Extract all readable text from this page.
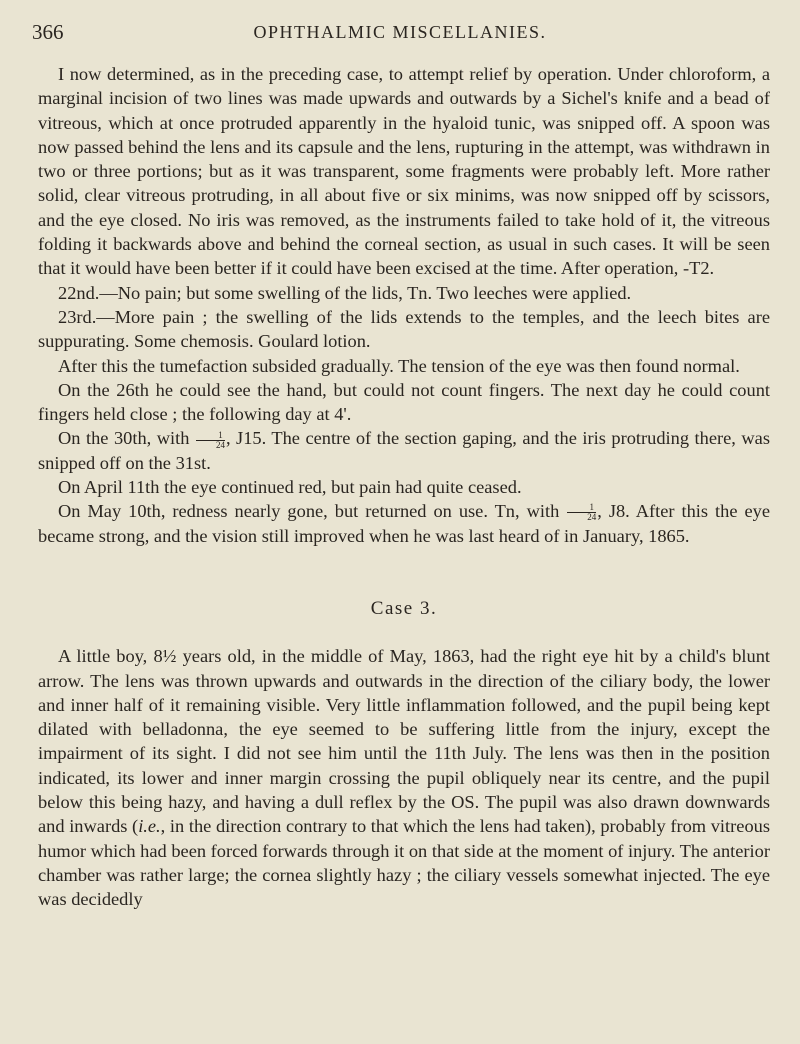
366	OPHTHALMIC MISCELLANIES.

I now determined, as in the preceding case, to attempt relief by operation. Under chloroform, a marginal incision of two lines was made upwards and outwards by a Sichel's knife and a bead of vitreous, which at once protruded apparently in the hyaloid tunic, was snipped off. A spoon was now passed behind the lens and its capsule and the lens, rupturing in the attempt, was withdrawn in two or three portions; but as it was transparent, some fragments were probably left. More rather solid, clear vitreous protruding, in all about five or six minims, was now snipped off by scissors, and the eye closed. No iris was removed, as the instruments failed to take hold of it, the vitreous folding it backwards above and behind the corneal section, as usual in such cases. It will be seen that it would have been better if it could have been excised at the time. After operation, -T2.

22nd.—No pain; but some swelling of the lids, Tn. Two leeches were applied.

23rd.—More pain ; the swelling of the lids extends to the temples, and the leech bites are suppurating. Some chemosis. Goulard lotion.

After this the tumefaction subsided gradually. The tension of the eye was then found normal.

On the 26th he could see the hand, but could not count fingers. The next day he could count fingers held close ; the following day at 4'.

On the 30th, with $\frac{1}{24}$ , J15. The centre of the section gaping, and the iris protruding there, was snipped off on the 31st.

On April 11th the eye continued red, but pain had quite ceased.

On May 10th, redness nearly gone, but returned on use. Tn, with $\frac{1}{24}$ , J8. After this the eye became strong, and the vision still improved when he was last heard of in January, 1865.

Case 3.

A little boy, 8½ years old, in the middle of May, 1863, had the right eye hit by a child's blunt arrow. The lens was thrown upwards and outwards in the direction of the ciliary body, the lower and inner half of it remaining visible. Very little inflammation followed, and the pupil being kept dilated with belladonna, the eye seemed to be suffering little from the injury, except the impairment of its sight. I did not see him until the 11th July. The lens was then in the position indicated, its lower and inner margin crossing the pupil obliquely near its centre, and the pupil below this being hazy, and having a dull reflex by the OS. The pupil was also drawn downwards and inwards (i.e., in the direction contrary to that which the lens had taken), probably from vitreous humor which had been forced forwards through it on that side at the moment of injury. The anterior chamber was rather large; the cornea slightly hazy ; the ciliary vessels somewhat injected. The eye was decidedly
